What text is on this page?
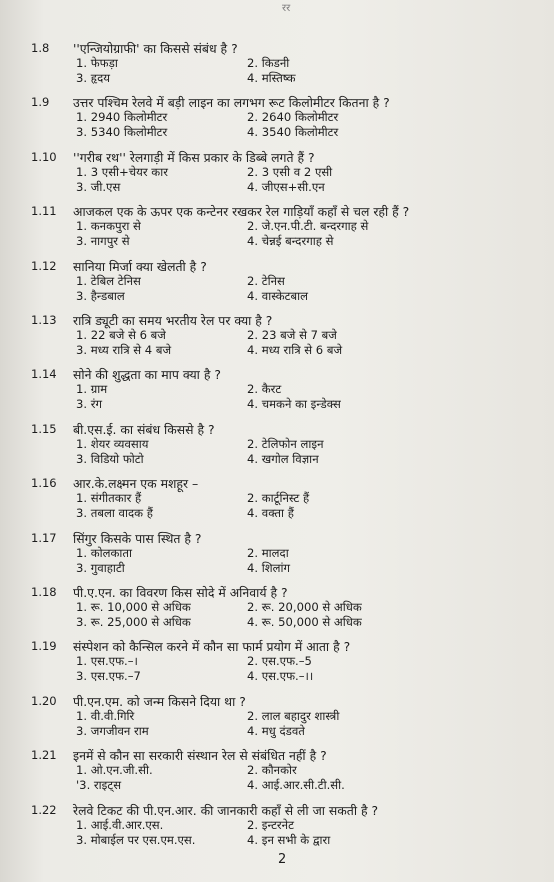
रर
1.8 ''एन्जियोग्राफी' का किससे संबंध है ?
1. फेफड़ा	2. किडनी
3. हृदय	4. मस्तिष्क
1.9 उत्तर पश्चिम रेलवे में बड़ी लाइन का लगभग रूट किलोमीटर कितना है ?
1. 2940 किलोमीटर	2. 2640 किलोमीटर
3. 5340 किलोमीटर	4. 3540 किलोमीटर
1.10 ''गरीब रथ'' रेलगाड़ी में किस प्रकार के डिब्बे लगते हैं ?
1. 3 एसी+चेयर कार	2. 3 एसी व 2 एसी
3. जी.एस	4. जीएस+सी.एन
1.11 आजकल एक के ऊपर एक कन्टेनर रखकर रेल गाड़ियाँ कहाँ से चल रही हैं ?
1. कनकपुरा से	2. जे.एन.पी.टी. बन्दरगाह से
3. नागपुर से	4. चेन्नई बन्दरगाह से
1.12 सानिया मिर्जा क्या खेलती है ?
1. टेबिल टेनिस	2. टेनिस
3. हैन्डबाल	4. वास्केटबाल
1.13 रात्रि ड्यूटी का समय भरतीय रेल पर क्या है ?
1. 22 बजे से 6 बजे	2. 23 बजे से 7 बजे
3. मध्य रात्रि से 4 बजे	4. मध्य रात्रि से 6 बजे
1.14 सोने की शुद्धता का माप क्या है ?
1. ग्राम	2. कैरट
3. रंग	4. चमकने का इन्डेक्स
1.15 बी.एस.ई. का संबंध किससे है ?
1. शेयर व्यवसाय	2. टेलिफोन लाइन
3. विडियो फोटो	4. खगोल विज्ञान
1.16 आर.के.लक्ष्मन एक मशहूर –
1. संगीतकार हैं	2. कार्टूनिस्ट हैं
3. तबला वादक हैं	4. वक्ता हैं
1.17 सिंगुर किसके पास स्थित है ?
1. कोलकाता	2. मालदा
3. गुवाहाटी	4. शिलांग
1.18 पी.ए.एन. का विवरण किस सोदे में अनिवार्य है ?
1. रू. 10,000 से अधिक	2. रू. 20,000 से अधिक
3. रू. 25,000 से अधिक	4. रू. 50,000 से अधिक
1.19 संस्पेशन को कैन्सिल करने में कौन सा फार्म प्रयोग में आता है ?
1. एस.एफ.–।	2. एस.एफ.–5
3. एस.एफ.–7	4. एस.एफ.–।।
1.20 पी.एन.एम. को जन्म किसने दिया था ?
1. वी.वी.गिरि	2. लाल बहादुर शास्त्री
3. जगजीवन राम	4. मधु दंडवते
1.21 इनमें से कौन सा सरकारी संस्थान रेल से संबंधित नहीं है ?
1. ओ.एन.जी.सी.	2. कौनकोर
'3. राइट्स	4. आई.आर.सी.टी.सी.
1.22 रेलवे टिकट की पी.एन.आर. की जानकारी कहाँ से ली जा सकती है ?
1. आई.वी.आर.एस.	2. इन्टरनेट
3. मोबाईल पर एस.एम.एस.	4. इन सभी के द्वारा
2
